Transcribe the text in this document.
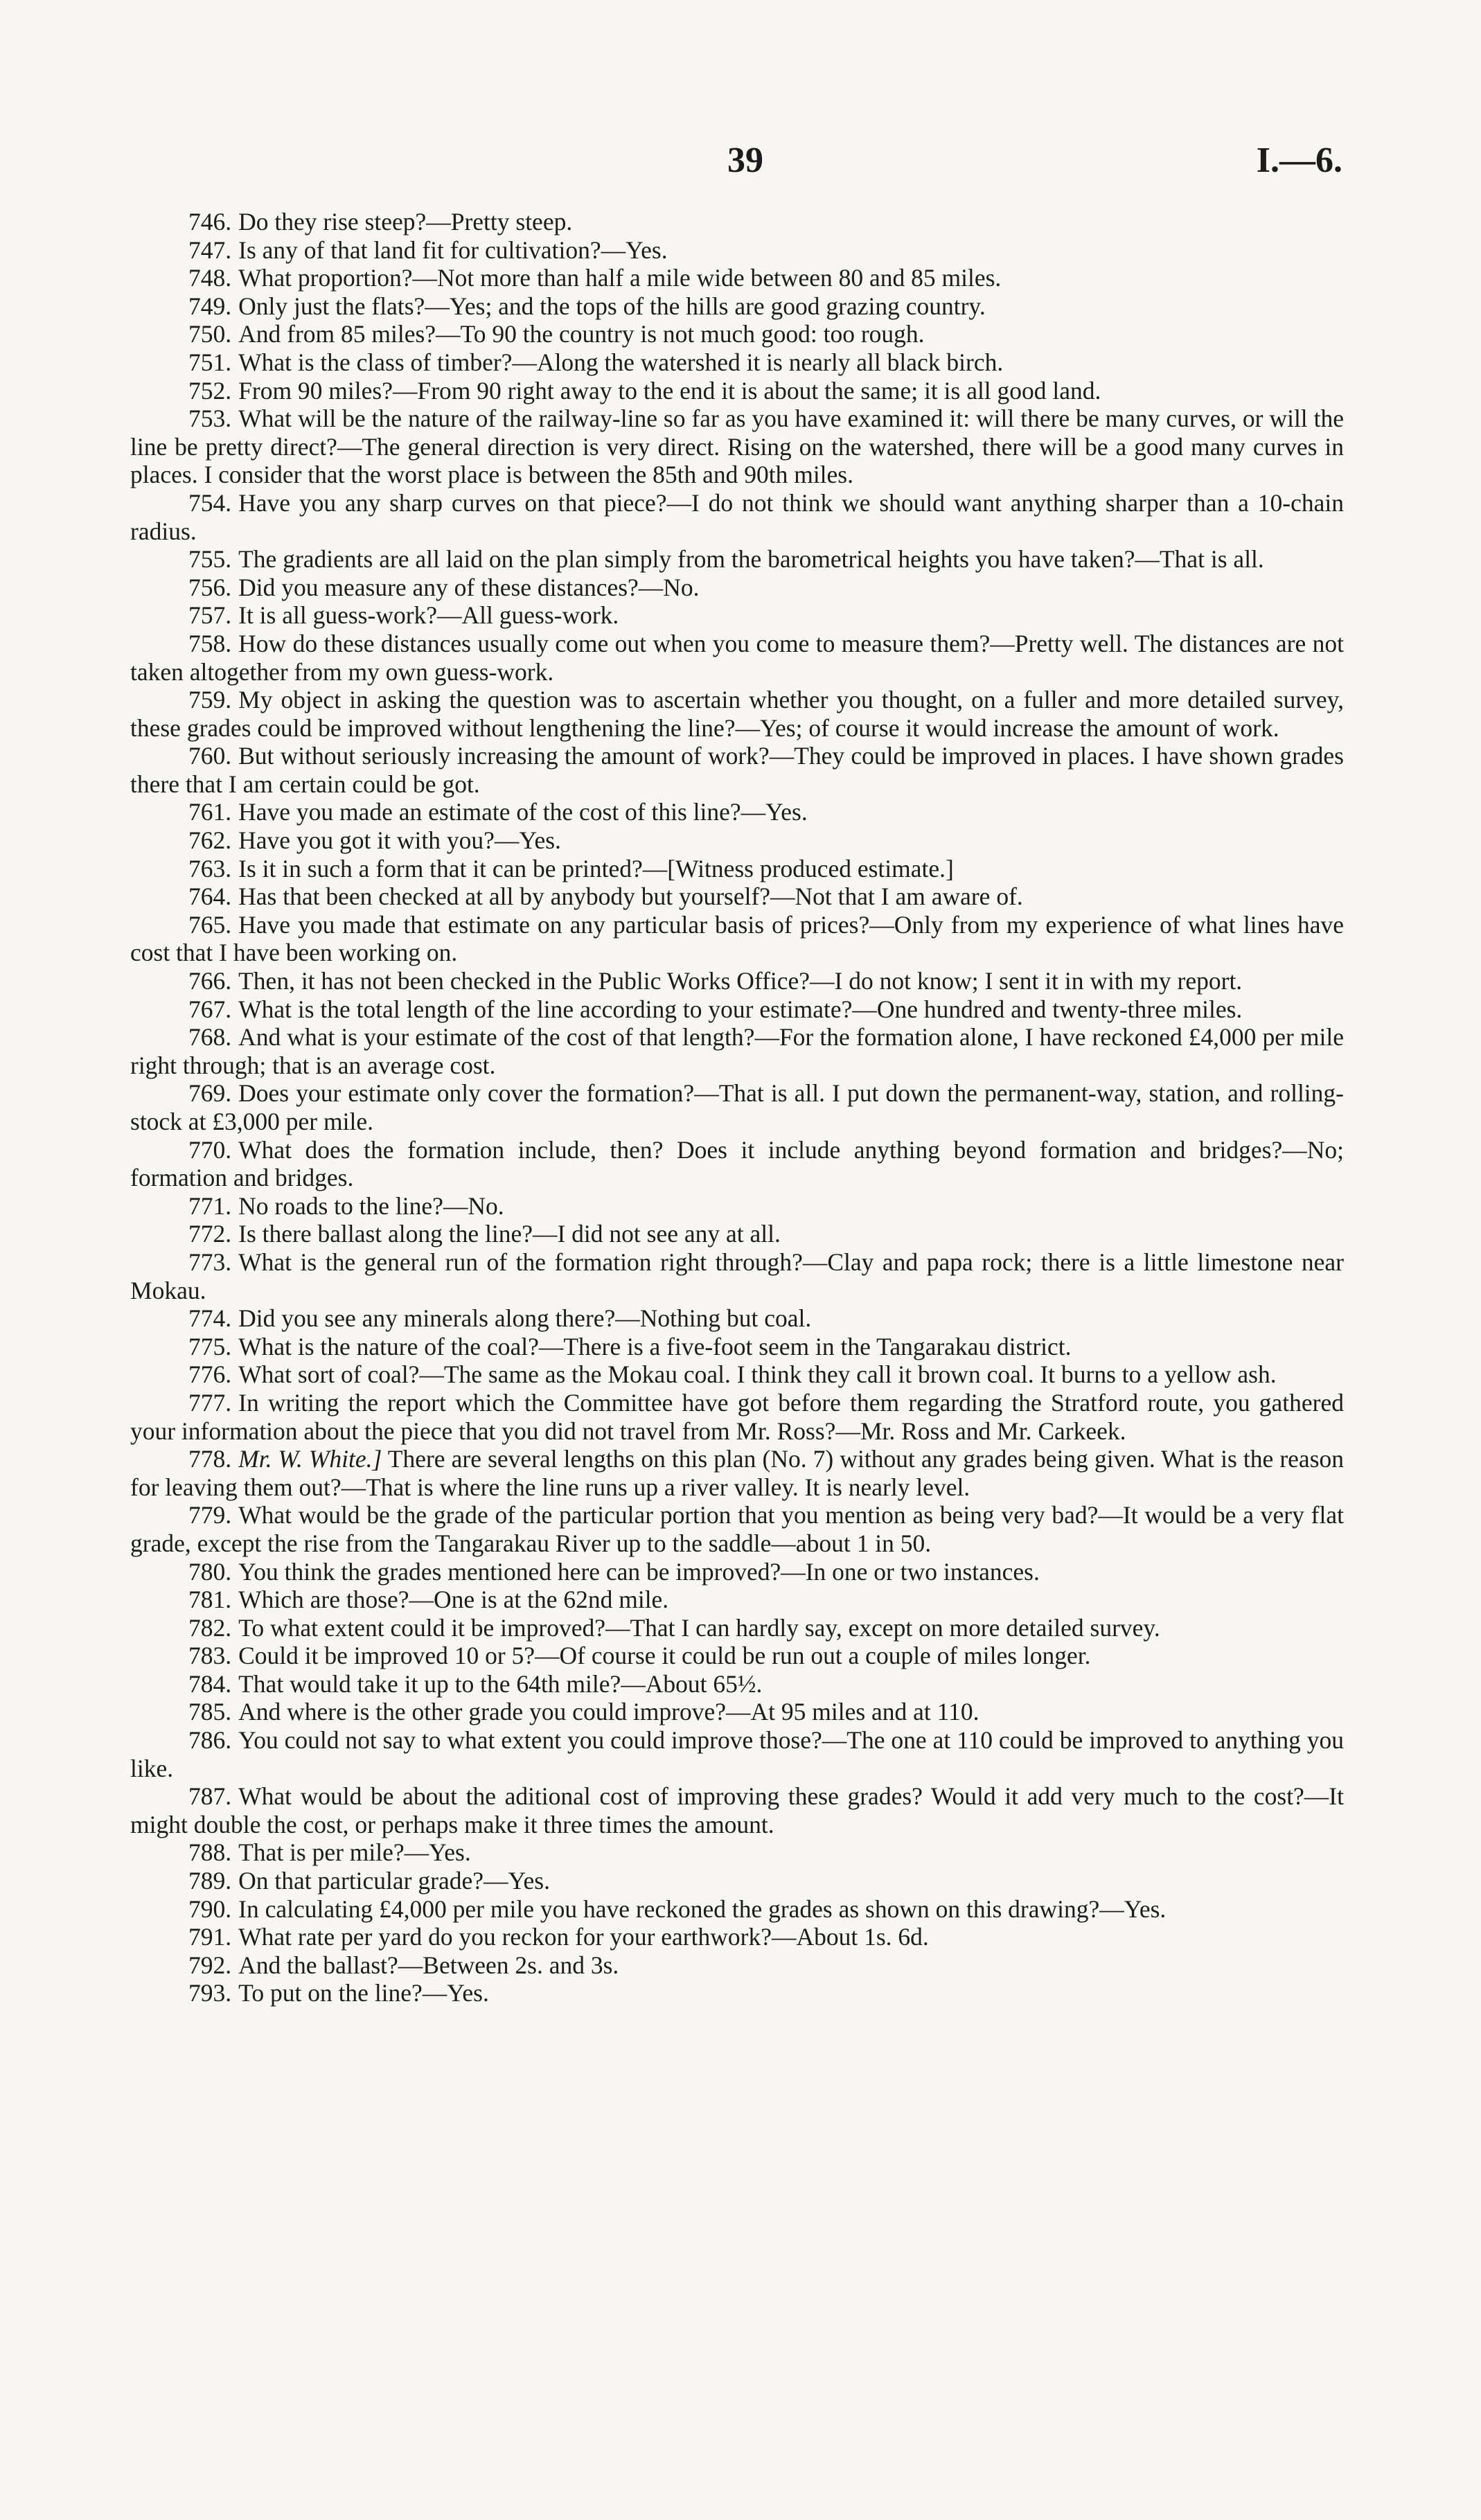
39	I.—6.

746. Do they rise steep?—Pretty steep.

747. Is any of that land fit for cultivation?—Yes.

748. What proportion?—Not more than half a mile wide between 80 and 85 miles.

749. Only just the flats?—Yes; and the tops of the hills are good grazing country.

750. And from 85 miles?—To 90 the country is not much good: too rough.

751. What is the class of timber?—Along the watershed it is nearly all black birch.

752. From 90 miles?—From 90 right away to the end it is about the same; it is all good land.

753. What will be the nature of the railway-line so far as you have examined it: will there be many curves, or will the line be pretty direct?—The general direction is very direct. Rising on the watershed, there will be a good many curves in places. I consider that the worst place is between the 85th and 90th miles.

754. Have you any sharp curves on that piece?—I do not think we should want anything sharper than a 10-chain radius.

755. The gradients are all laid on the plan simply from the barometrical heights you have taken?—That is all.

756. Did you measure any of these distances?—No.

757. It is all guess-work?—All guess-work.

758. How do these distances usually come out when you come to measure them?—Pretty well. The distances are not taken altogether from my own guess-work.

759. My object in asking the question was to ascertain whether you thought, on a fuller and more detailed survey, these grades could be improved without lengthening the line?—Yes; of course it would increase the amount of work.

760. But without seriously increasing the amount of work?—They could be improved in places. I have shown grades there that I am certain could be got.

761. Have you made an estimate of the cost of this line?—Yes.

762. Have you got it with you?—Yes.

763. Is it in such a form that it can be printed?—[Witness produced estimate.]

764. Has that been checked at all by anybody but yourself?—Not that I am aware of.

765. Have you made that estimate on any particular basis of prices?—Only from my experience of what lines have cost that I have been working on.

766. Then, it has not been checked in the Public Works Office?—I do not know; I sent it in with my report.

767. What is the total length of the line according to your estimate?—One hundred and twenty-three miles.

768. And what is your estimate of the cost of that length?—For the formation alone, I have reckoned £4,000 per mile right through; that is an average cost.

769. Does your estimate only cover the formation?—That is all. I put down the permanent-way, station, and rolling-stock at £3,000 per mile.

770. What does the formation include, then? Does it include anything beyond formation and bridges?—No; formation and bridges.

771. No roads to the line?—No.

772. Is there ballast along the line?—I did not see any at all.

773. What is the general run of the formation right through?—Clay and papa rock; there is a little limestone near Mokau.

774. Did you see any minerals along there?—Nothing but coal.

775. What is the nature of the coal?—There is a five-foot seem in the Tangarakau district.

776. What sort of coal?—The same as the Mokau coal. I think they call it brown coal. It burns to a yellow ash.

777. In writing the report which the Committee have got before them regarding the Stratford route, you gathered your information about the piece that you did not travel from Mr. Ross?—Mr. Ross and Mr. Carkeek.

778. Mr. W. White.] There are several lengths on this plan (No. 7) without any grades being given. What is the reason for leaving them out?—That is where the line runs up a river valley. It is nearly level.

779. What would be the grade of the particular portion that you mention as being very bad?—It would be a very flat grade, except the rise from the Tangarakau River up to the saddle—about 1 in 50.

780. You think the grades mentioned here can be improved?—In one or two instances.

781. Which are those?—One is at the 62nd mile.

782. To what extent could it be improved?—That I can hardly say, except on more detailed survey.

783. Could it be improved 10 or 5?—Of course it could be run out a couple of miles longer.

784. That would take it up to the 64th mile?—About 65½.

785. And where is the other grade you could improve?—At 95 miles and at 110.

786. You could not say to what extent you could improve those?—The one at 110 could be improved to anything you like.

787. What would be about the aditional cost of improving these grades? Would it add very much to the cost?—It might double the cost, or perhaps make it three times the amount.

788. That is per mile?—Yes.

789. On that particular grade?—Yes.

790. In calculating £4,000 per mile you have reckoned the grades as shown on this drawing?—Yes.

791. What rate per yard do you reckon for your earthwork?—About 1s. 6d.

792. And the ballast?—Between 2s. and 3s.

793. To put on the line?—Yes.
